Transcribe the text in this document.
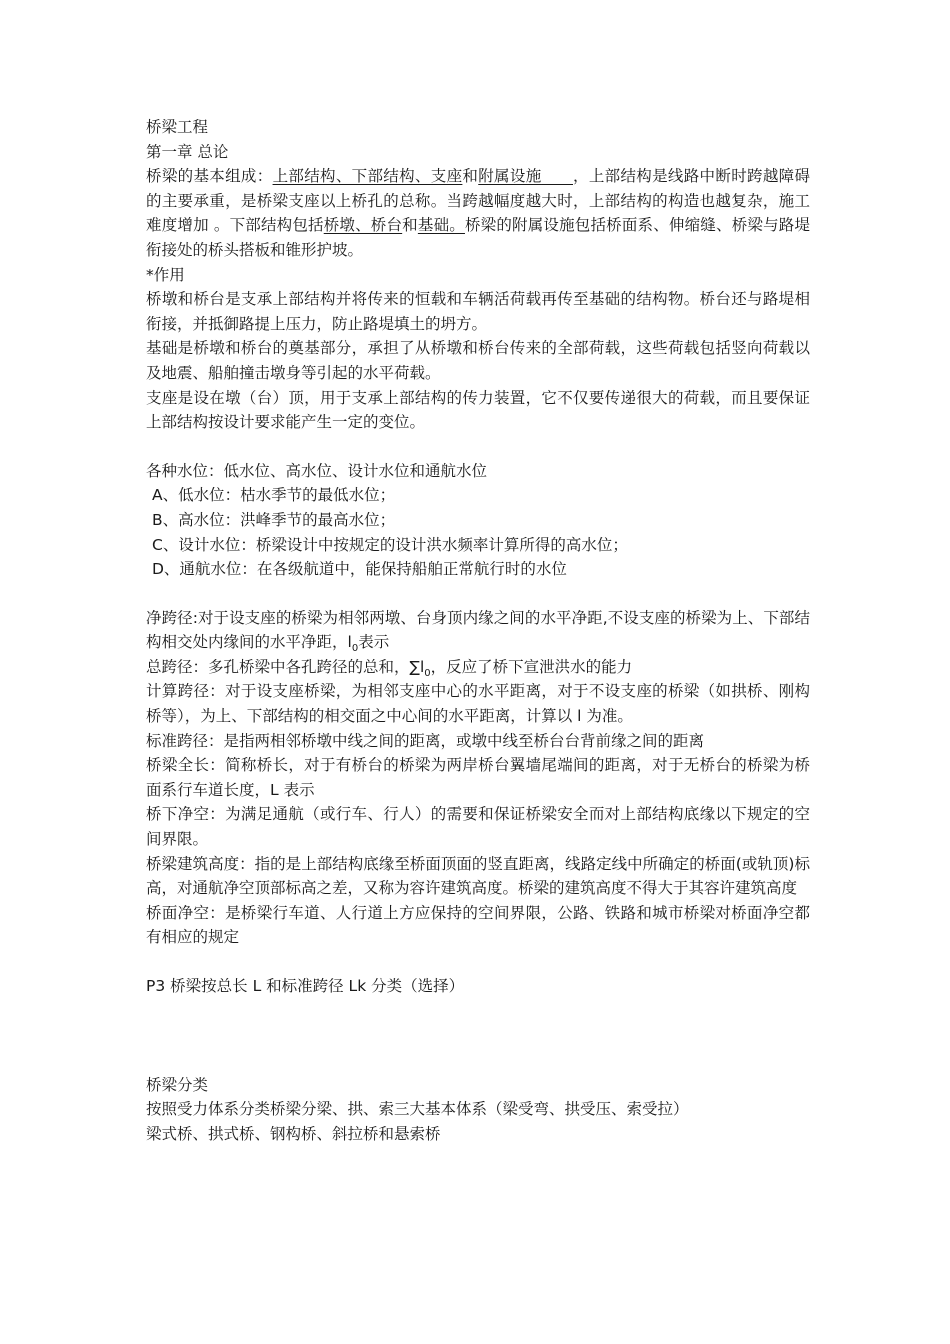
桥梁工程
第一章 总论
桥梁的基本组成：上部结构、下部结构、支座和附属设施 ，上部结构是线路中断时跨越障碍的主要承重，是桥梁支座以上桥孔的总称。当跨越幅度越大时，上部结构的构造也越复杂，施工难度增加 。下部结构包括桥墩、桥台和基础。桥梁的附属设施包括桥面系、伸缩缝、桥梁与路堤衔接处的桥头搭板和锥形护坡。
*作用
桥墩和桥台是支承上部结构并将传来的恒载和车辆活荷载再传至基础的结构物。桥台还与路堤相衔接，并抵御路提上压力，防止路堤填土的坍方。
基础是桥墩和桥台的奠基部分，承担了从桥墩和桥台传来的全部荷载，这些荷载包括竖向荷载以及地震、船舶撞击墩身等引起的水平荷载。
支座是设在墩（台）顶，用于支承上部结构的传力装置，它不仅要传递很大的荷载，而且要保证上部结构按设计要求能产生一定的变位。
各种水位：低水位、高水位、设计水位和通航水位
A、低水位：枯水季节的最低水位；
B、高水位：洪峰季节的最高水位；
C、设计水位：桥梁设计中按规定的设计洪水频率计算所得的高水位；
D、通航水位：在各级航道中，能保持船舶正常航行时的水位
净跨径:对于设支座的桥梁为相邻两墩、台身顶内缘之间的水平净距,不设支座的桥梁为上、下部结构相交处内缘间的水平净距，$l_0$表示
总跨径：多孔桥梁中各孔跨径的总和，$\sum l_0$，反应了桥下宣泄洪水的能力
计算跨径：对于设支座桥梁，为相邻支座中心的水平距离，对于不设支座的桥梁（如拱桥、刚构桥等），为上、下部结构的相交面之中心间的水平距离，计算以 l 为准。
标准跨径：是指两相邻桥墩中线之间的距离，或墩中线至桥台台背前缘之间的距离
桥梁全长：简称桥长，对于有桥台的桥梁为两岸桥台翼墙尾端间的距离，对于无桥台的桥梁为桥面系行车道长度，L 表示
桥下净空：为满足通航（或行车、行人）的需要和保证桥梁安全而对上部结构底缘以下规定的空间界限。
桥梁建筑高度：指的是上部结构底缘至桥面顶面的竖直距离，线路定线中所确定的桥面(或轨顶)标高，对通航净空顶部标高之差，又称为容许建筑高度。桥梁的建筑高度不得大于其容许建筑高度
桥面净空：是桥梁行车道、人行道上方应保持的空间界限，公路、铁路和城市桥梁对桥面净空都有相应的规定
P3 桥梁按总长 L 和标准跨径 Lk 分类（选择）
桥梁分类
按照受力体系分类桥梁分梁、拱、索三大基本体系（梁受弯、拱受压、索受拉）
梁式桥、拱式桥、钢构桥、斜拉桥和悬索桥
